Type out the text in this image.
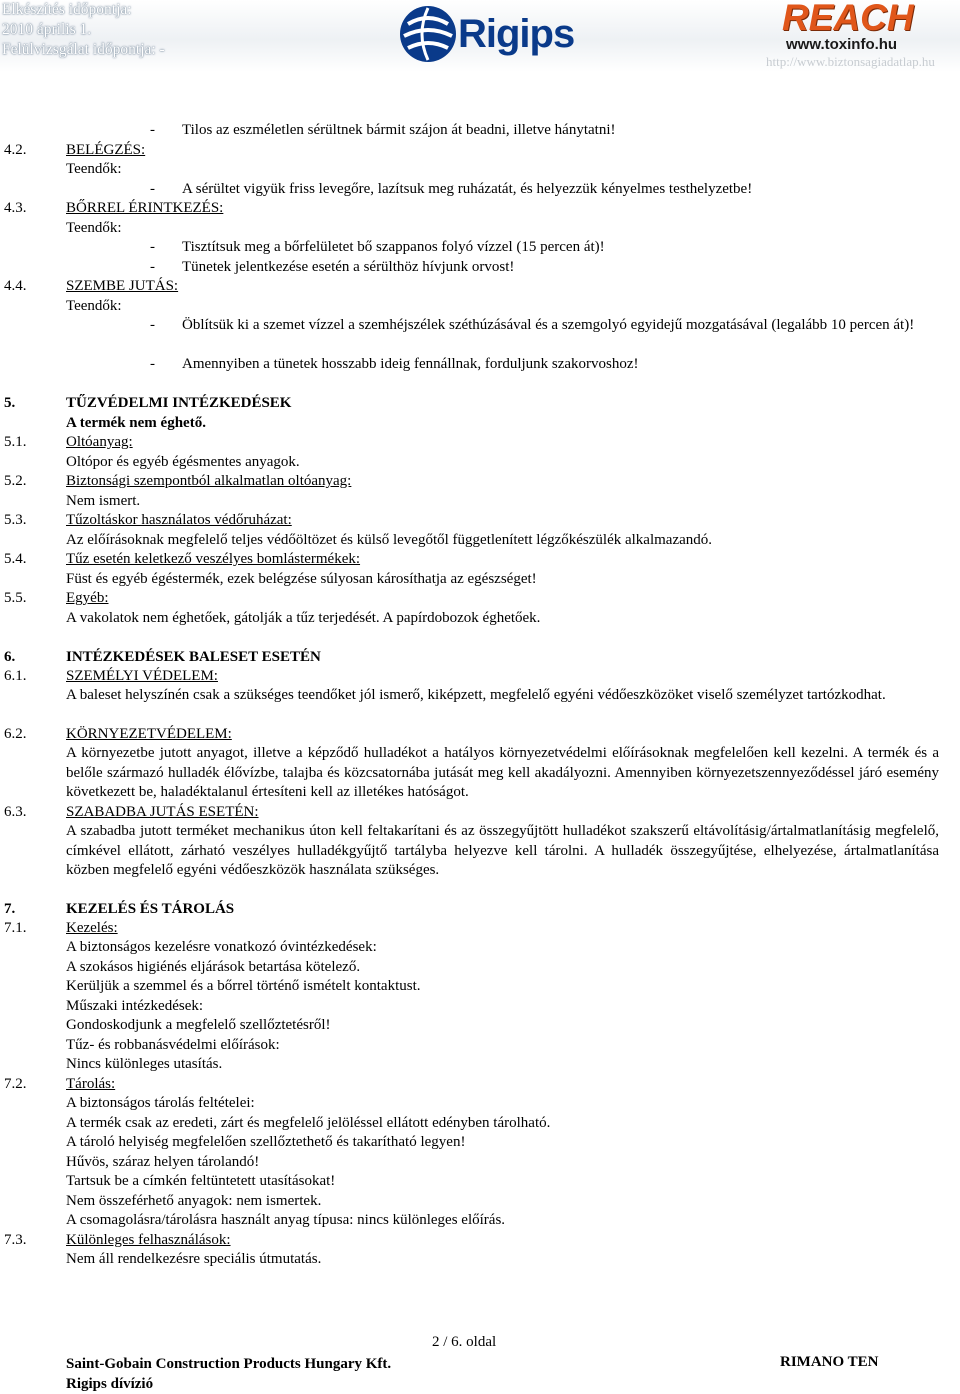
Elkészítés időpontja:
2010 április 1.
Felülvizsgálat időpontja: -	Rigips	REACH
www.toxinfo.hu
http://www.biztonsagiadatlap.hu
- Tilos az eszméletlen sérültnek bármit szájon át beadni, illetve hánytatni!
4.2.	BELÉGZÉS:
Teendők:
- A sérültet vigyük friss levegőre, lazítsuk meg ruházatát, és helyezzük kényelmes testhelyzetbe!
4.3.	BŐRREL ÉRINTKEZÉS:
Teendők:
- Tisztítsuk meg a bőrfelületet bő szappanos folyó vízzel (15 percen át)!
- Tünetek jelentkezése esetén a sérülthöz hívjunk orvost!
4.4.	SZEMBE JUTÁS:
Teendők:
- Öblítsük ki a szemet vízzel a szemhéjszélek széthúzásával és a szemgolyó egyidejű mozgatásával (legalább 10 percen át)!
- Amennyiben a tünetek hosszabb ideig fennállnak, forduljunk szakorvoshoz!
5.	TŰZVÉDELMI INTÉZKEDÉSEK
A termék nem éghető.
5.1.	Oltóanyag:
Oltópor és egyéb égésmentes anyagok.
5.2.	Biztonsági szempontból alkalmatlan oltóanyag:
Nem ismert.
5.3.	Tűzoltáskor használatos védőruházat:
Az előírásoknak megfelelő teljes védőöltözet és külső levegőtől függetlenített légzőkészülék alkalmazandó.
5.4.	Tűz esetén keletkező veszélyes bomlástermékek:
Füst és egyéb égéstermék, ezek belégzése súlyosan károsíthatja az egészséget!
5.5.	Egyéb:
A vakolatok nem éghetőek, gátolják a tűz terjedését. A papírdobozok éghetőek.
6.	INTÉZKEDÉSEK BALESET ESETÉN
6.1.	SZEMÉLYI VÉDELEM:
A baleset helyszínén csak a szükséges teendőket jól ismerő, kiképzett, megfelelő egyéni védőeszközöket viselő személyzet tartózkodhat.
6.2.	KÖRNYEZETVÉDELEM:
A környezetbe jutott anyagot, illetve a képződő hulladékot a hatályos környezetvédelmi előírásoknak megfelelően kell kezelni. A termék és a belőle származó hulladék élővízbe, talajba és közcsatornába jutását meg kell akadályozni. Amennyiben környezetszennyeződéssel járó esemény következett be, haladéktalanul értesíteni kell az illetékes hatóságot.
6.3.	SZABADBA JUTÁS ESETÉN:
A szabadba jutott terméket mechanikus úton kell feltakarítani és az összegyűjtött hulladékot szakszerű eltávolításig/ártalmatlanításig megfelelő, címkével ellátott, zárható veszélyes hulladékgyűjtő tartályba helyezve kell tárolni. A hulladék összegyűjtése, elhelyezése, ártalmatlanítása közben megfelelő egyéni védőeszközök használata szükséges.
7.	KEZELÉS ÉS TÁROLÁS
7.1.	Kezelés:
A biztonságos kezelésre vonatkozó óvintézkedések:
A szokásos higiénés eljárások betartása kötelező.
Kerüljük a szemmel és a bőrrel történő ismételt kontaktust.
Műszaki intézkedések:
Gondoskodjunk a megfelelő szellőztetésről!
Tűz- és robbanásvédelmi előírások:
Nincs különleges utasítás.
7.2.	Tárolás:
A biztonságos tárolás feltételei:
A termék csak az eredeti, zárt és megfelelő jelöléssel ellátott edényben tárolható.
A tároló helyiség megfelelően szellőztethető és takarítható legyen!
Hűvös, száraz helyen tárolandó!
Tartsuk be a címkén feltüntetett utasításokat!
Nem összeférhető anyagok: nem ismertek.
A csomagolásra/tárolásra használt anyag típusa: nincs különleges előírás.
7.3.	Különleges felhasználások:
Nem áll rendelkezésre speciális útmutatás.
2 / 6. oldal
Saint-Gobain Construction Products Hungary Kft.
Rigips dívízió
RIMANO TEN
